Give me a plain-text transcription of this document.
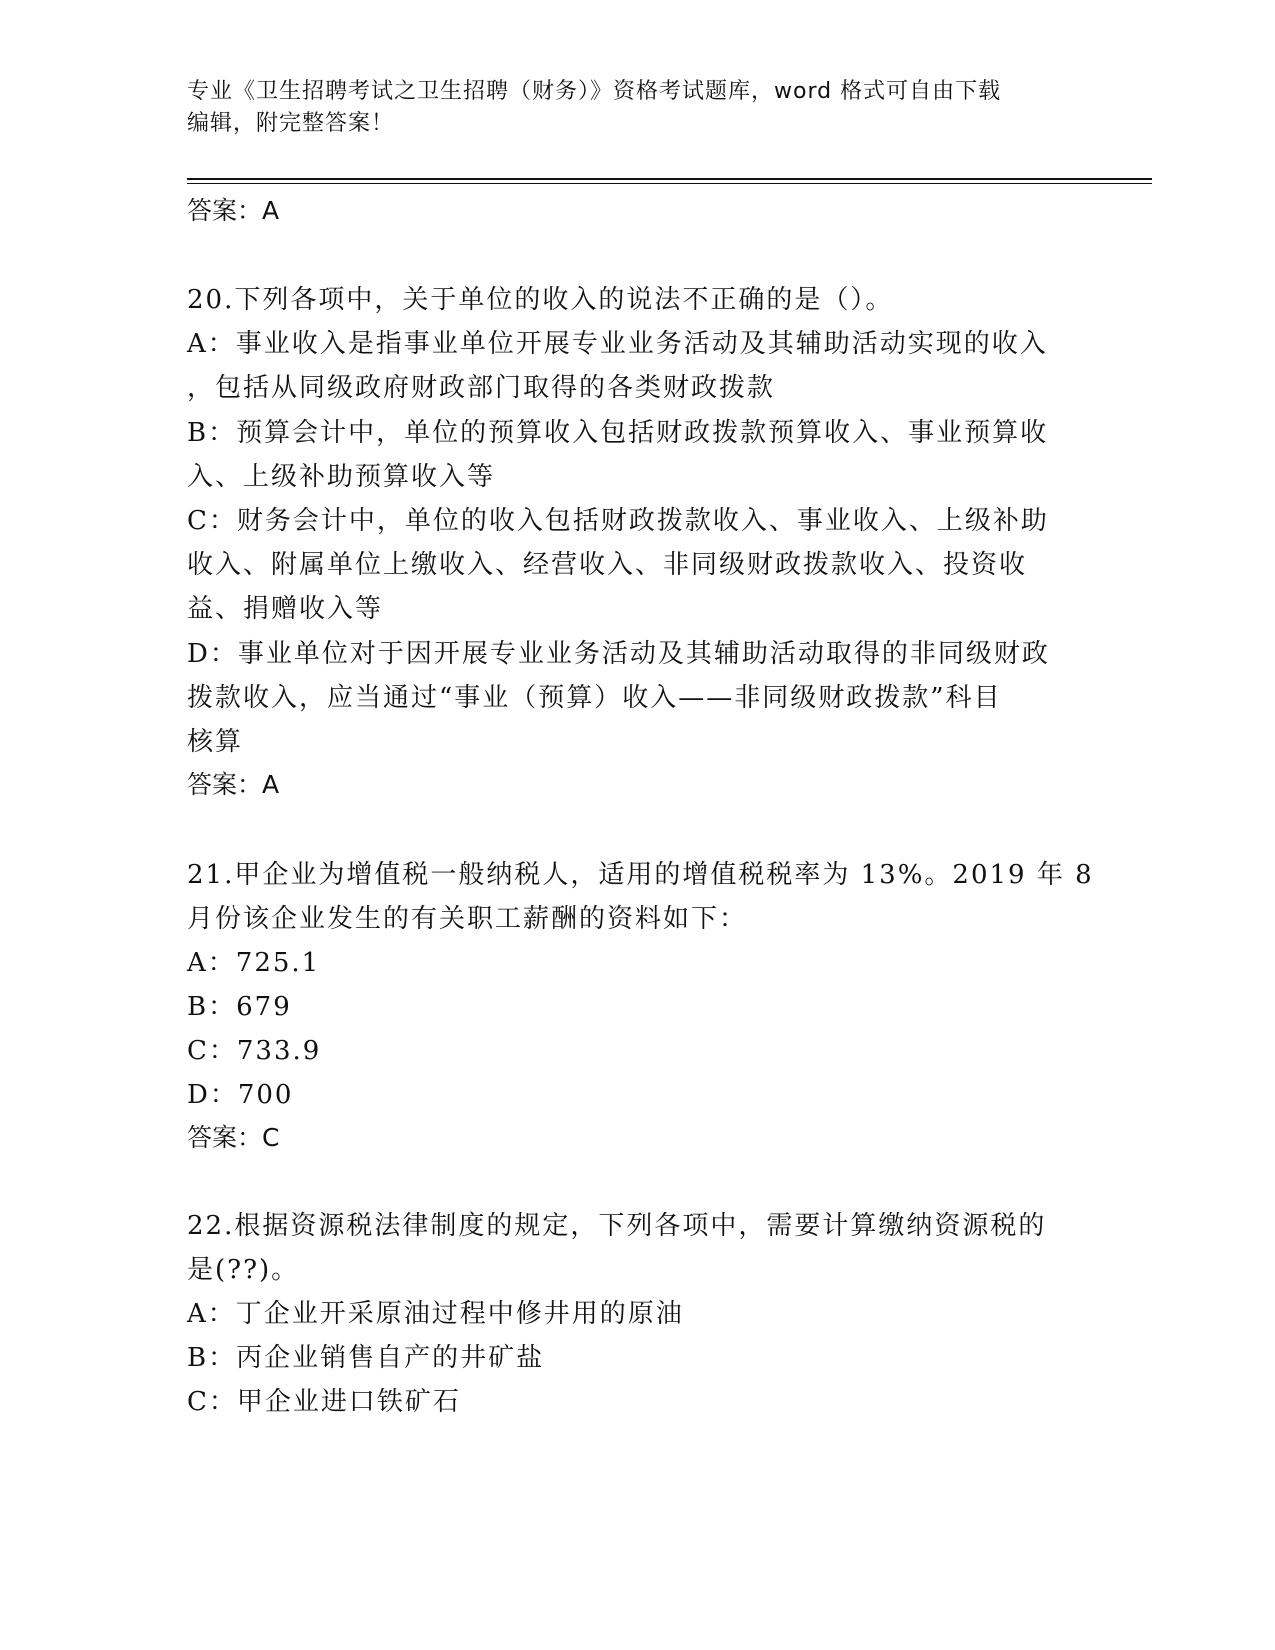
专业《卫生招聘考试之卫生招聘（财务）》资格考试题库，word 格式可自由下载
编辑，附完整答案！
答案：A
20.下列各项中，关于单位的收入的说法不正确的是（）。
A：事业收入是指事业单位开展专业业务活动及其辅助活动实现的收入
，包括从同级政府财政部门取得的各类财政拨款
B：预算会计中，单位的预算收入包括财政拨款预算收入、事业预算收
入、上级补助预算收入等
C：财务会计中，单位的收入包括财政拨款收入、事业收入、上级补助
收入、附属单位上缴收入、经营收入、非同级财政拨款收入、投资收
益、捐赠收入等
D：事业单位对于因开展专业业务活动及其辅助活动取得的非同级财政
拨款收入，应当通过“事业（预算）收入——非同级财政拨款”科目
核算
答案：A
21.甲企业为增值税一般纳税人，适用的增值税税率为 13%。2019 年 8
月份该企业发生的有关职工薪酬的资料如下：
A：725.1
B：679
C：733.9
D：700
答案：C
22.根据资源税法律制度的规定，下列各项中，需要计算缴纳资源税的
是(??)。
A：丁企业开采原油过程中修井用的原油
B：丙企业销售自产的井矿盐
C：甲企业进口铁矿石
